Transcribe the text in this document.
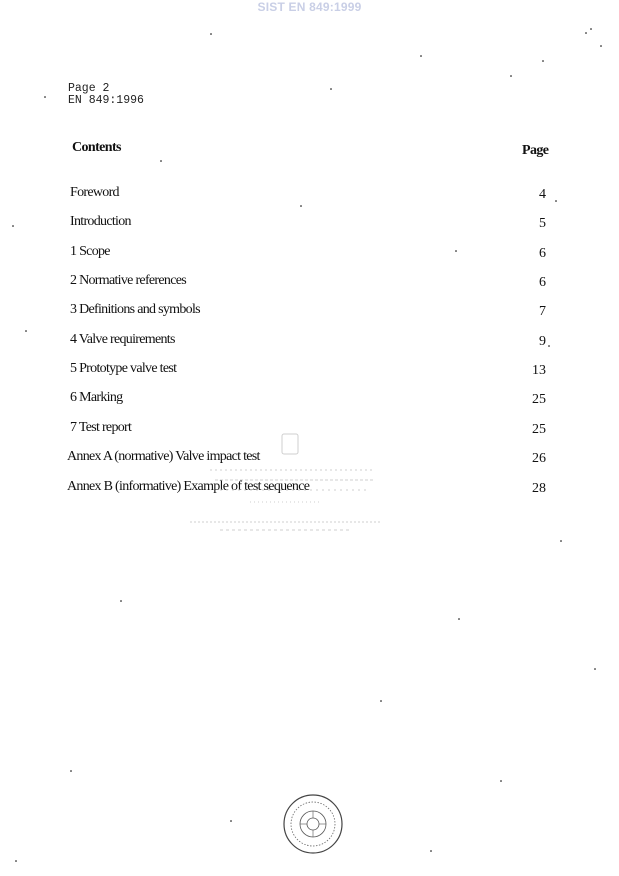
SIST EN 849:1999
Page 2
EN 849:1996
Contents	Page
Foreword	4
Introduction	5
1 Scope	6
2 Normative references	6
3 Definitions and symbols	7
4 Valve requirements	9
5 Prototype valve test	13
6 Marking	25
7 Test report	25
Annex A (normative) Valve impact test	26
Annex B (informative) Example of test sequence	28
